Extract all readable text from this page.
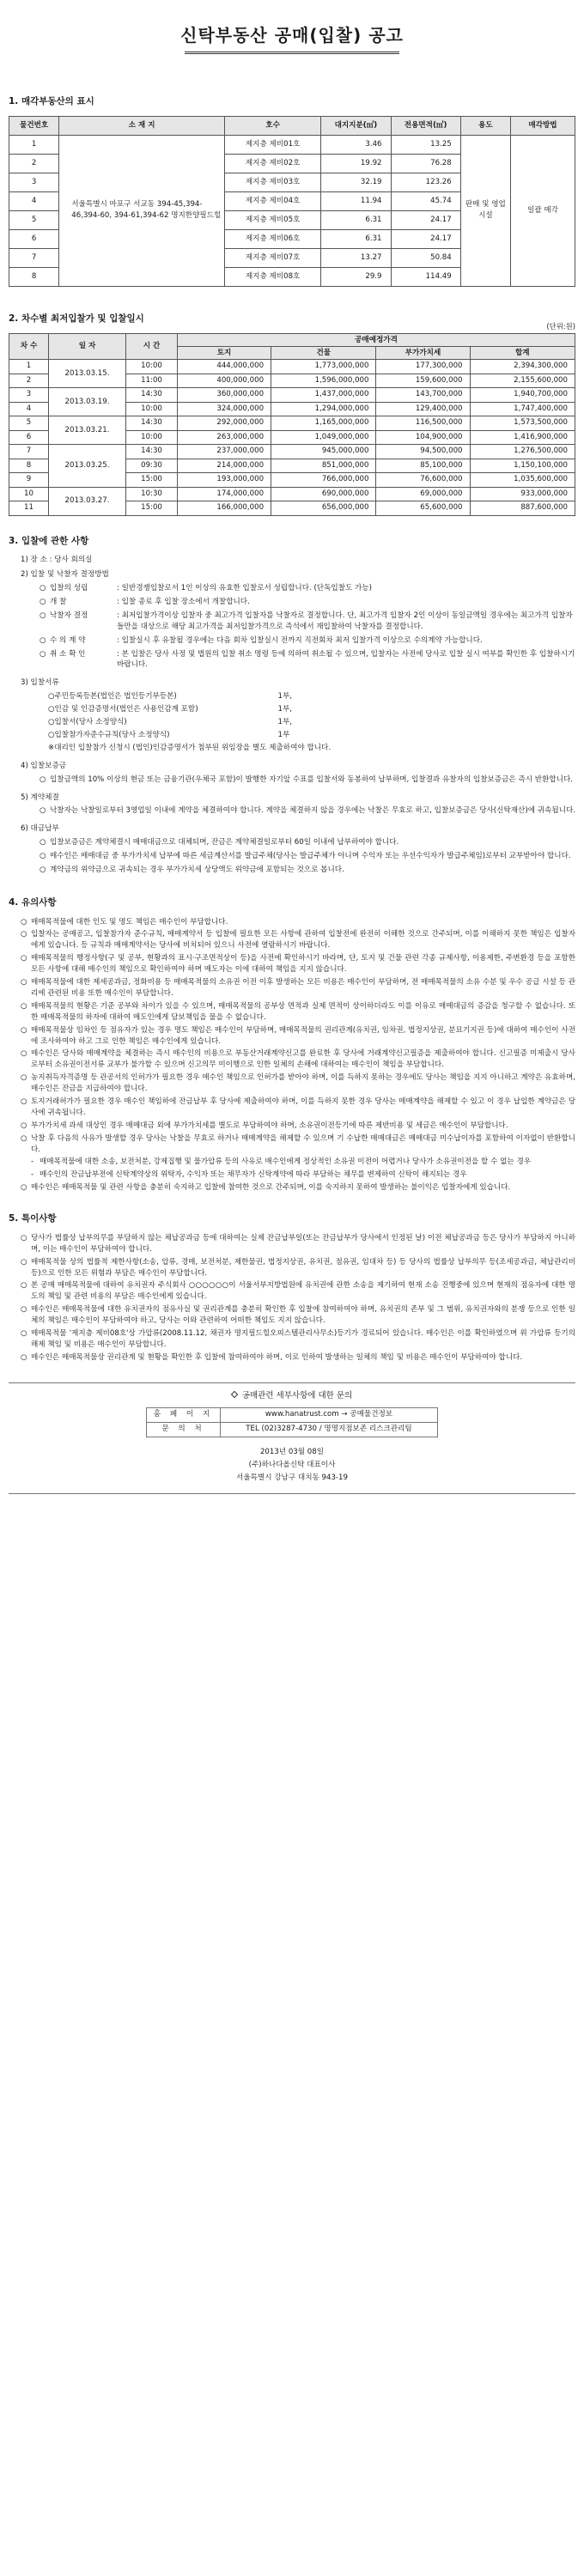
신탁부동산 공매(입찰) 공고
1. 매각부동산의 표시
물건번호	소 재 지	호수	대지지분(㎡)	전용면적(㎡)	용도	매각방법
1	서울특별시 마포구 서교동 394-45,394-46,394-60, 394-61,394-62 명지한양필드힐	제지층 제비01호	3.46	13.25	판매 및 영업시설	일괄 매각
2		제지층 제비02호	19.92	76.28		
3		제지층 제비03호	32.19	123.26		
4		제지층 제비04호	11.94	45.74		
5		제지층 제비05호	6.31	24.17		
6		제지층 제비06호	6.31	24.17		
7		제지층 제비07호	13.27	50.84		
8		제지층 제비08호	29.9	114.49		
2. 차수별 최저입찰가 및 입찰일시
(단위:원)
차 수	일 자	시 간	공매예정가격			
			토지	건물	부가가치세	합계
1	2013.03.15.	10:00	444,000,000	1,773,000,000	177,300,000	2,394,300,000
2		11:00	400,000,000	1,596,000,000	159,600,000	2,155,600,000
3	2013.03.19.	14:30	360,000,000	1,437,000,000	143,700,000	1,940,700,000
4		10:00	324,000,000	1,294,000,000	129,400,000	1,747,400,000
5	2013.03.21.	14:30	292,000,000	1,165,000,000	116,500,000	1,573,500,000
6		10:00	263,000,000	1,049,000,000	104,900,000	1,416,900,000
7	2013.03.25.	14:30	237,000,000	945,000,000	94,500,000	1,276,500,000
8		09:30	214,000,000	851,000,000	85,100,000	1,150,100,000
9		15:00	193,000,000	766,000,000	76,600,000	1,035,600,000
10	2013.03.27.	10:30	174,000,000	690,000,000	69,000,000	933,000,000
11		15:00	166,000,000	656,000,000	65,600,000	887,600,000
3. 입찰에 관한 사항
1) 장 소 : 당사 회의실
2) 입찰 및 낙찰자 결정방법
○ 입찰의 성립	: 일반경쟁입찰로서 1인 이상의 유효한 입찰로서 성립합니다. (단독입찰도 가능)
○ 개 찰	: 입찰 종료 후 입찰 장소에서 개찰합니다.
○ 낙찰자 결정	: 최저입찰가격이상 입찰자 중 최고가격 입찰자를 낙찰자로 결정합니다. 단, 최고가격 입찰자 2인 이상이 동일금액일 경우에는 최고가격 입찰자들만을 대상으로 해당 최고가격을 최저입찰가격으로 즉석에서 재입찰하여 낙찰자를 결정합니다.
○ 수 의 계 약	: 입찰실시 후 유찰될 경우에는 다음 회차 입찰실시 전까지 직전회차 최저 입찰가격 이상으로 수의계약 가능합니다.
○ 취 소 확 인	: 본 입찰은 당사 사정 및 법원의 입찰 취소 명령 등에 의하여 취소될 수 있으며, 입찰자는 사전에 당사로 입찰 실시 여부를 확인한 후 입찰하시기 바랍니다.
3) 입찰서류
○ 주민등록등본(법인은 법인등기부등본)	1부,
○ 인감 및 인감증명서(법인은 사용인감계 포함)	1부,
○ 입찰서(당사 소정양식)	1부,
○ 입찰참가자준수규칙(당사 소정양식)	1부
※ 대리인 입찰참가 신청시 (법인)인감증명서가 첨부된 위임장을 별도 제출하여야 합니다.
4) 입찰보증금
○ 입찰금액의 10% 이상의 현금 또는 금융기관(우체국 포함)이 발행한 자기앞 수표를 입찰서와 동봉하여 납부하며, 입찰결과 유찰자의 입찰보증금은 즉시 반환합니다.
5) 계약체결
○ 낙찰자는 낙찰일로부터 3영업일 이내에 계약을 체결하여야 합니다. 계약을 체결하지 않을 경우에는 낙찰은 무효로 하고, 입찰보증금은 당사(신탁재산)에 귀속됩니다.
6) 대금납부
○ 입찰보증금은 계약체결시 매매대금으로 대체되며, 잔금은 계약체결일로부터 60일 이내에 납부하여야 합니다.
○ 매수인은 매매대금 중 부가가치세 납부에 따른 세금계산서를 발급주체(당사는 발급주체가 아니며 수익자 또는 우선수익자가 발급주체임)로부터 교부받아야 합니다.
○ 계약금의 위약금으로 귀속되는 경우 부가가치세 상당액도 위약금에 포함되는 것으로 봅니다.
4. 유의사항
○ 매매목적물에 대한 인도 및 명도 책임은 매수인이 부담합니다.
○ 입찰자는 공매공고, 입찰참가자 준수규칙, 매매계약서 등 입찰에 필요한 모든 사항에 관하여 입찰전에 완전히 이해한 것으로 간주되며, 이를 이해하지 못한 책임은 입찰자에게 있습니다. 등 규칙과 매매계약서는 당사에 비치되어 있으니 사전에 열람하시기 바랍니다.
○ 매매목적물의 행정사항(구 및 공부, 현황과의 표시·구조면적상이 등)을 사전에 확인하시기 바라며, 단, 토지 및 건물 관련 각종 규제사항, 이용제한, 주변환경 등을 포함한 모든 사항에 대해 매수인의 책임으로 확인하여야 하며 매도자는 이에 대하여 책임을 지지 않습니다.
○ 매매목적물에 대한 제세공과금, 정화비용 등 매매목적물의 소유권 이전 이후 발생하는 모든 비용은 매수인이 부담하며, 전 매매목적물의 소유 수분 및 우수 공급 시설 등 관리에 관련된 비용 또한 매수인이 부담합니다.
○ 매매목적물의 현황은 기준 공부와 차이가 있을 수 있으며, 매매목적물의 공부상 면적과 실제 면적이 상이하더라도 이를 이유로 매매대금의 증감을 청구할 수 없습니다. 또한 매매목적물의 하자에 대하여 매도인에게 담보책임을 물을 수 없습니다.
○ 매매목적물상 임차인 등 점유자가 있는 경우 명도 책임은 매수인이 부담하며, 매매목적물의 권리관계(유치권, 임차권, 법정지상권, 분묘기지권 등)에 대하여 매수인이 사전에 조사하여야 하고 그로 인한 책임은 매수인에게 있습니다.
○ 매수인은 당사와 매매계약을 체결하는 즉시 매수인의 비용으로 부동산거래계약신고를 완료한 후 당사에 거래계약신고필증을 제출하여야 합니다. 신고필증 미제출시 당사로부터 소유권이전서류 교부가 불가할 수 있으며 신고의무 미이행으로 인한 일체의 손해에 대하여는 매수인이 책임을 부담합니다.
○ 농지취득자격증명 등 관공서의 인허가가 필요한 경우 매수인 책임으로 인허가를 받아야 하며, 이를 득하지 못하는 경우에도 당사는 책임을 지지 아니하고 계약은 유효하며, 매수인은 잔금을 지급하여야 합니다.
○ 토지거래허가가 필요한 경우 매수인 책임하에 잔금납부 후 당사에 제출하여야 하며, 이를 득하지 못한 경우 당사는 매매계약을 해제할 수 있고 이 경우 납입한 계약금은 당사에 귀속됩니다.
○ 부가가치세 과세 대상인 경우 매매대금 외에 부가가치세를 별도로 부담하여야 하며, 소유권이전등기에 따른 제반비용 및 세금은 매수인이 부담합니다.
○ 낙찰 후 다음의 사유가 발생할 경우 당사는 낙찰을 무효로 하거나 매매계약을 해제할 수 있으며 기 수납한 매매대금은 매매대금 미수납이자를 포함하여 이자없이 반환합니다.
- 매매목적물에 대한 소송, 보전처분, 강제집행 및 물가압류 등의 사유로 매수인에게 정상적인 소유권 이전이 어렵거나 당사가 소유권이전을 할 수 없는 경우
- 매수인의 잔금납부전에 신탁계약상의 위탁자, 수익자 또는 채무자가 신탁계약에 따라 부담하는 채무를 변제하여 신탁이 해지되는 경우
○ 매수인은 매매목적물 및 관련 사항을 충분히 숙지하고 입찰에 참여한 것으로 간주되며, 이를 숙지하지 못하여 발생하는 불이익은 입찰자에게 있습니다.
5. 특이사항
○ 당사가 법률상 납부의무를 부담하지 않는 체납공과금 등에 대하여는 실제 잔금납부일(또는 잔금납부가 당사에서 인정된 날) 이전 체납공과금 등은 당사가 부담하지 아니하며, 이는 매수인이 부담하여야 합니다.
○ 매매목적물 상의 법률적 제한사항(소송, 압류, 경매, 보전처분, 제한물권, 법정지상권, 유치권, 점유권, 임대차 등) 등 당사의 법률상 납부의무 등(조세공과금, 체납관리비 등)으로 인한 모든 위험과 부담은 매수인이 부담합니다.
○ 본 공매 매매목적물에 대하여 유치권자 주식회사 ○○○○○○이 서울서부지방법원에 유치권에 관한 소송을 제기하여 현재 소송 진행중에 있으며 현재의 점유자에 대한 명도의 책임 및 관련 비용의 부담은 매수인에게 있습니다.
○ 매수인은 매매목적물에 대한 유치권자의 점유사실 및 권리관계를 충분히 확인한 후 입찰에 참여하여야 하며, 유치권의 존부 및 그 범위, 유치권자와의 분쟁 등으로 인한 일체의 책임은 매수인이 부담하여야 하고, 당사는 이와 관련하여 어떠한 책임도 지지 않습니다.
○ 매매목적물 '제지층 제비08호'상 가압류(2008.11.12, 채권자 명지필드힐오피스텔관리사무소)등기가 경료되어 있습니다. 매수인은 이를 확인하였으며 위 가압류 등기의 해제 책임 및 비용은 매수인이 부담합니다.
○ 매수인은 매매목적물상 권리관계 및 현황을 확인한 후 입찰에 참여하여야 하며, 이로 인하여 발생하는 일체의 책임 및 비용은 매수인이 부담하여야 합니다.
공매관련 세부사항에 대한 문의
홈 페 이 지	www.hanatrust.com → 공매물건정보
문 의 처	TEL (02)3287-4730 / 명명지점보존 리스크관리팀
2013년 03월 08일
(주)하나다올신탁 대표이사
서울특별시 강남구 대치동 943-19
